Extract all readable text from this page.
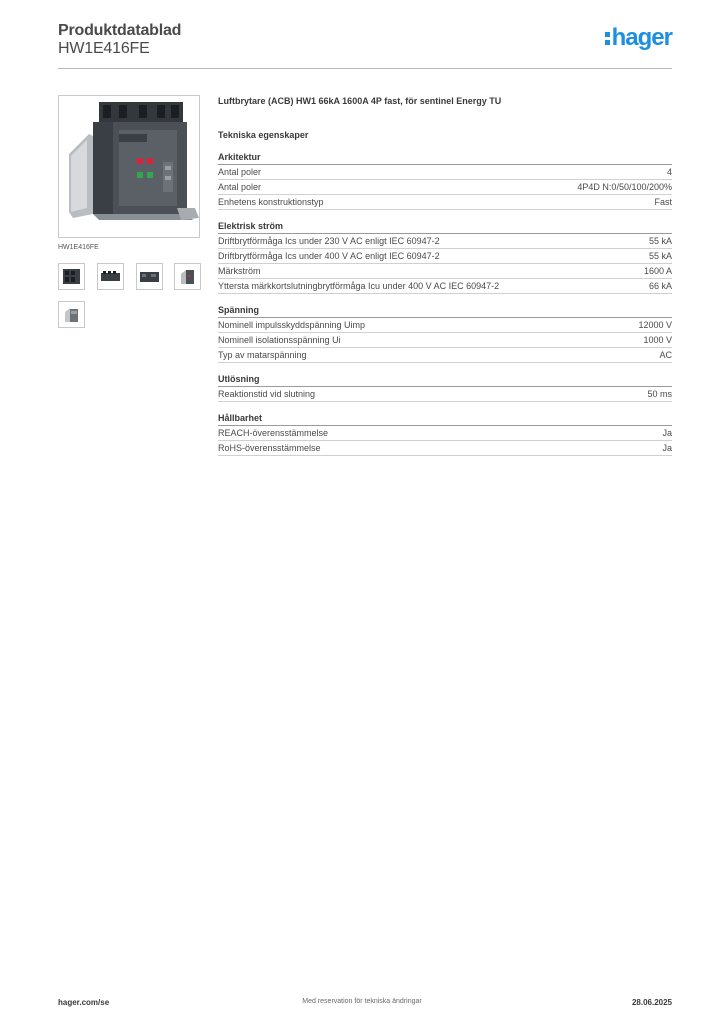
Produktdatablad
HW1E416FE	hager
HW1E416FE
Luftbrytare (ACB) HW1 66kA 1600A 4P fast, för sentinel Energy TU
Tekniska egenskaper
Arkitektur
Antal poler	4
Antal poler	4P4D N:0/50/100/200%
Enhetens konstruktionstyp	Fast
Elektrisk ström
Driftbrytförmåga Ics under 230 V AC enligt IEC 60947-2	55 kA
Driftbrytförmåga Ics under 400 V AC enligt IEC 60947-2	55 kA
Märkström	1600 A
Yttersta märkkortslutningbrytförmåga Icu under 400 V AC IEC 60947-2	66 kA
Spänning
Nominell impulsskyddspänning Uimp	12000 V
Nominell isolationsspänning Ui	1000 V
Typ av matarspänning	AC
Utlösning
Reaktionstid vid slutning	50 ms
Hållbarhet
REACH-överensstämmelse	Ja
RoHS-överensstämmelse	Ja
hager.com/se	Med reservation för tekniska ändringar	28.06.2025
